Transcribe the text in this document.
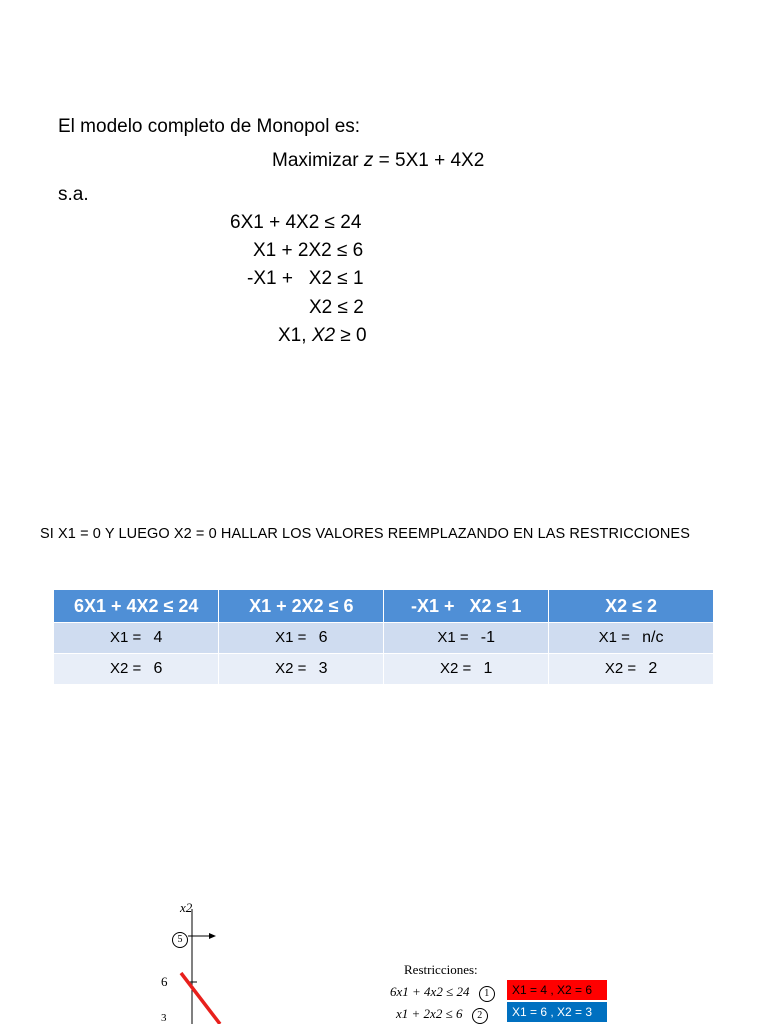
El modelo completo de Monopol es:
Maximizar z = 5X1 + 4X2
s.a.
6X1 + 4X2 ≤ 24
X1 + 2X2 ≤ 6
-X1 +   X2 ≤ 1
X2 ≤ 2
X1, X2 ≥ 0
SI X1 = 0 Y LUEGO X2 = 0 HALLAR LOS VALORES REEMPLAZANDO EN LAS RESTRICCIONES
6X1 + 4X2 ≤ 24	X1 + 2X2 ≤ 6	-X1 +   X2 ≤ 1	X2 ≤ 2
X1 = 4	X1 = 6	X1 = -1	X1 = n/c
X2 = 6	X2 = 3	X2 = 1	X2 = 2
3
x2
5
6
Restricciones:
6x1 + 4x2 ≤ 24 1	X1 = 4 , X2 = 6
x1 + 2x2 ≤ 6 2	X1 = 6 , X2 = 3
